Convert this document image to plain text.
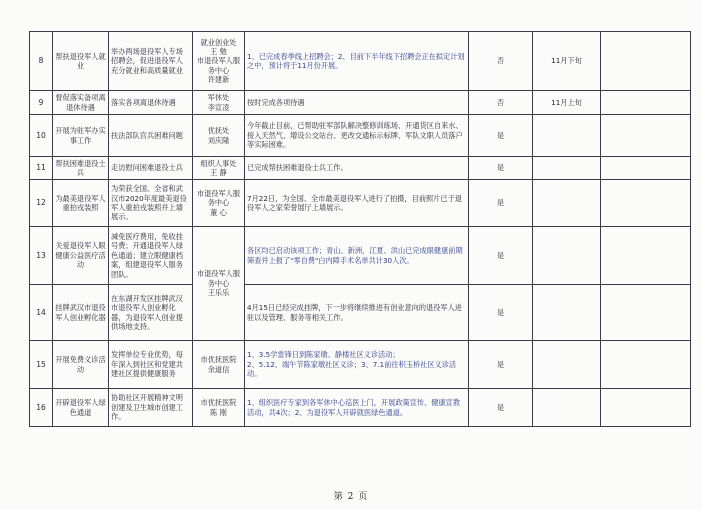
8	帮扶退役军人就业	举办两场退役军人专场招聘会，促进退役军人充分就业和高质量就业	就业创业处
王 勉
市退役军人服务中心
许建新	1、已完成春季线上招聘会；2、目前下半年线下招聘会正在拟定计划之中，预计将于11月份开展。	否	11月下旬	
9	督促落实备项离退休待遇	落实各项离退休待遇	军休处
李宣凌	按时完成各项待遇	否	11月上旬	
10	开展为驻军办实事工作	扶法部队官兵困难问题	优抚处
刘庆隆	今年截止目前，已帮助驻军部队解决整修训练场、开通货区自来水、接入天然气、增设公交站台、更改交通标示标牌、军队文职人员落户等实际困难。	是		
11	帮扶困难退役士兵	走访慰问困难退役士兵	组织人事处
王 静	已完成帮扶困难退役士兵工作。	是		
12	为最美退役军人重拍戎装照	为荣获全国、全省和武汉市2020年度最美退役军人重拍戎装照并上墙展示。	市退役军人服务中心
董 心	7月22日，为全国、全市最美退役军人进行了拍摄，目前照片已于退役军人之家荣誉展厅上墙展示。	是		
13	关爱退役军人眼健康公益医疗活动	减免医疗费用，免收挂号费；开通退役军人绿色通道；建立眼健康档案，组建退役军人服务团队。	市退役军人服务中心
王乐乐	各区均已启动该项工作；青山、新洲、江夏、洪山已完成眼健康前期筛查并上报了"零自费"白内障手术名单共计30人次。	是		
14	挂牌武汉市退役军人创业孵化器	在东湖开发区挂牌武汉市退役军人创业孵化器，为退役军人创业提供场地支持。		4月15日已经完成挂牌，下一步将继续推进有创业意向的退役军人进驻以及管理、服务等相关工作。	是		
15	开展免费义诊活动	发挥单位专业优势，每年深入到社区和党建共建社区提供健康服务	市优抚医院
余道信	1、3.5学雷锋日到陈家墩、静楼社区义诊活动；
2、5.12、端午节陈家墩社区义诊；3、7.1前往积玉桥社区义诊活动。	是		
16	开辟退役军人绿色通道	协助社区开展精神文明创建及卫生城市创建工作。	市优抚医院
陈 刚	1、组织医疗专家到各军休中心巡医上门，开展政策宣传、健康宣教活动，共4次；2、为退役军人开辟就医绿色通道。	是		
第 2 页
